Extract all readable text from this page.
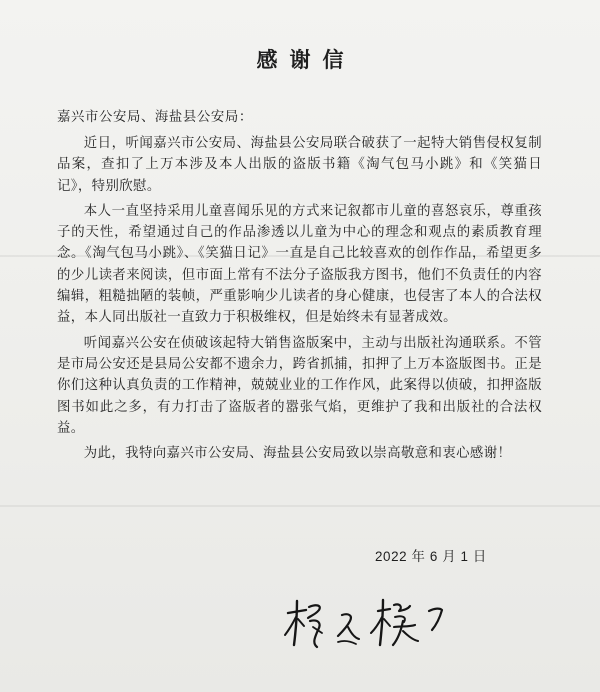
感谢信
嘉兴市公安局、海盐县公安局：

近日，听闻嘉兴市公安局、海盐县公安局联合破获了一起特大销售侵权复制品案，查扣了上万本涉及本人出版的盗版书籍《淘气包马小跳》和《笑猫日记》，特别欣慰。

本人一直坚持采用儿童喜闻乐见的方式来记叙都市儿童的喜怒哀乐，尊重孩子的天性，希望通过自己的作品渗透以儿童为中心的理念和观点的素质教育理念。《淘气包马小跳》、《笑猫日记》一直是自己比较喜欢的创作作品，希望更多的少儿读者来阅读，但市面上常有不法分子盗版我方图书，他们不负责任的内容编辑，粗糙拙陋的装帧，严重影响少儿读者的身心健康，也侵害了本人的合法权益，本人同出版社一直致力于积极维权，但是始终未有显著成效。

听闻嘉兴公安在侦破该起特大销售盗版案中，主动与出版社沟通联系。不管是市局公安还是县局公安都不遗余力，跨省抓捕，扣押了上万本盗版图书。正是你们这种认真负责的工作精神，兢兢业业的工作作风，此案得以侦破，扣押盗版图书如此之多，有力打击了盗版者的嚣张气焰，更维护了我和出版社的合法权益。

为此，我特向嘉兴市公安局、海盐县公安局致以崇高敬意和衷心感谢！

2022 年 6 月 1 日
